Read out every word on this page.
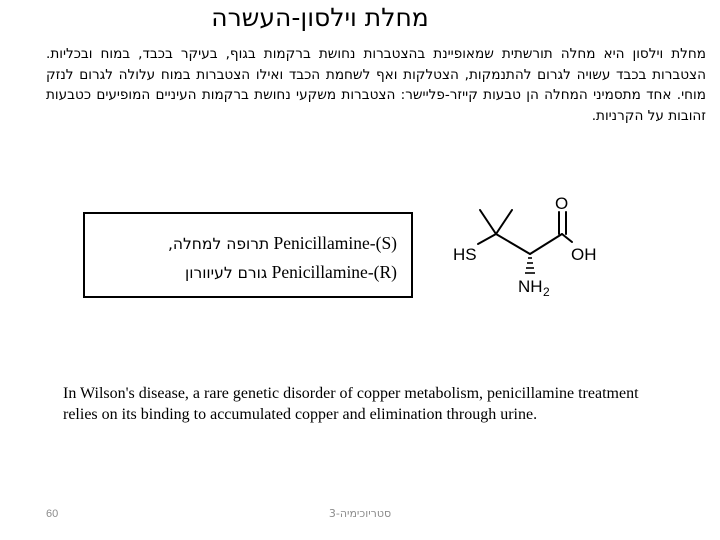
מחלת וילסון-העשרה
מחלת וילסון היא מחלה תורשתית שמאופיינת בהצטברות נחושת ברקמות בגוף, בעיקר בכבד, במוח ובכליות. הצטברות בכבד עשויה לגרום להתנמקות, הצטלקות ואף לשחמת הכבד ואילו הצטברות במוח עלולה לגרום לנזק מוחי. אחד מתסמיני המחלה הן טבעות קייזר-פליישר: הצטברות משקעי נחושת ברקמות העיניים המופיעים כטבעות זהובות על הקרניות.
(S)-Penicillamine תרופה למחלה,
(R)-Penicillamine גורם לעיוורון
O
OH
HS
NH 2
In Wilson's disease, a rare genetic disorder of copper metabolism, penicillamine treatment relies on its binding to accumulated copper and elimination through urine.
60	סטריוכימיה-3
